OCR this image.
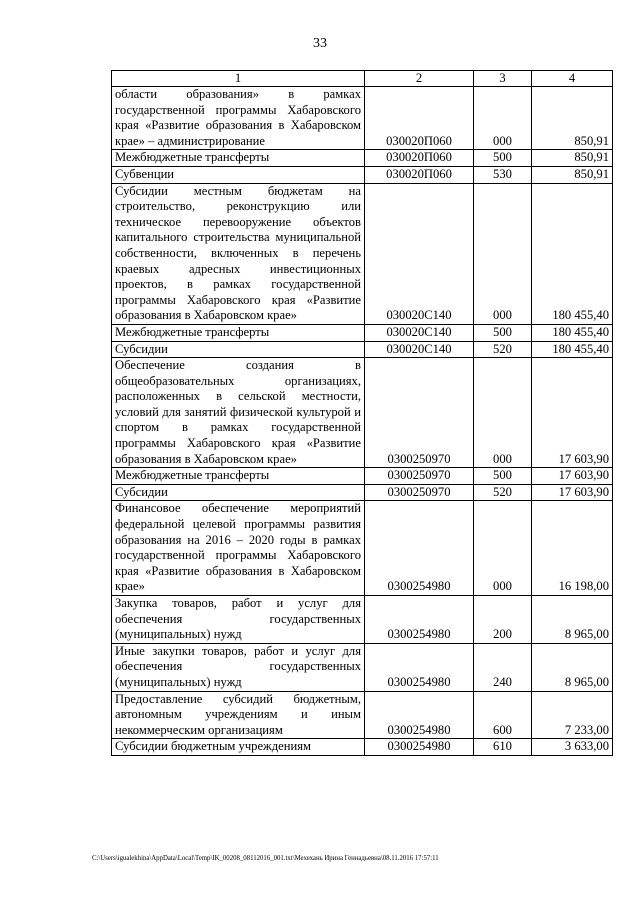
33
1	2	3	4
области образования» в рамках государственной программы Хабаровского края «Развитие образования в Хабаровском крае» – администрирование	030020П060	000	850,91
Межбюджетные трансферты	030020П060	500	850,91
Субвенции	030020П060	530	850,91
Субсидии местным бюджетам на строительство, реконструкцию или техническое перевооружение объектов капитального строительства муниципальной собственности, включенных в перечень краевых адресных инвестиционных проектов, в рамках государственной программы Хабаровского края «Развитие образования в Хабаровском крае»	030020С140	000	180 455,40
Межбюджетные трансферты	030020С140	500	180 455,40
Субсидии	030020С140	520	180 455,40
Обеспечение создания в общеобразовательных организациях, расположенных в сельской местности, условий для занятий физической культурой и спортом в рамках государственной программы Хабаровского края «Развитие образования в Хабаровском крае»	0300250970	000	17 603,90
Межбюджетные трансферты	0300250970	500	17 603,90
Субсидии	0300250970	520	17 603,90
Финансовое обеспечение мероприятий федеральной целевой программы развития образования на 2016 – 2020 годы в рамках государственной программы Хабаровского края «Развитие образования в Хабаровском крае»	0300254980	000	16 198,00
Закупка товаров, работ и услуг для обеспечения государственных (муниципальных) нужд	0300254980	200	8 965,00
Иные закупки товаров, работ и услуг для обеспечения государственных (муниципальных) нужд	0300254980	240	8 965,00
Предоставление субсидий бюджетным, автономным учреждениям и иным некоммерческим организациям	0300254980	600	7 233,00
Субсидии бюджетным учреждениям	0300254980	610	3 633,00
C:\Users\igualekhina\AppData\Local\Temp\IK_00208_08112016_001.txt\Мехехань Ирина Геннадьевна\08.11.2016 17:57:11
